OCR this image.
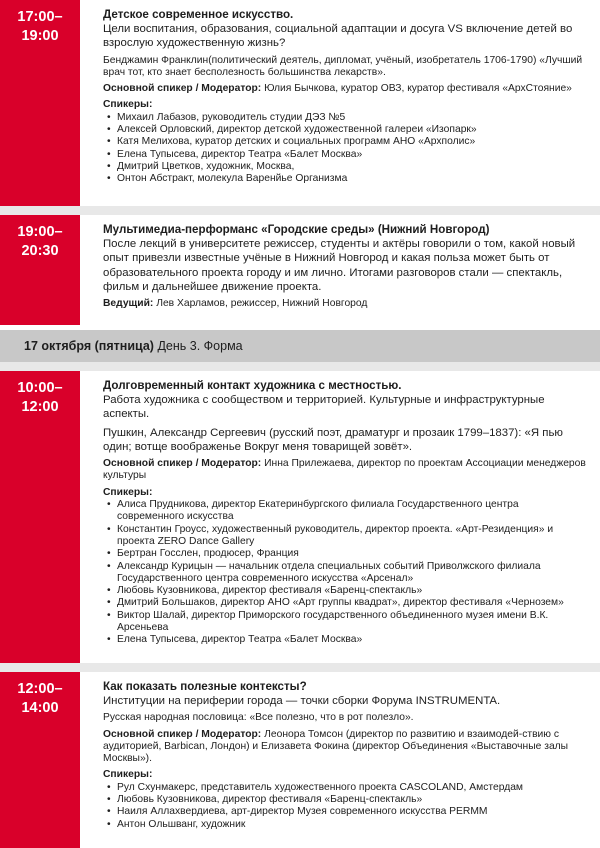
17:00–
19:00
Детское современное искусство.
Цели воспитания, образования, социальной адаптации и досуга VS включение детей во взрослую художественную жизнь?
Бенджамин Франклин(политический деятель, дипломат, учёный, изобретатель 1706-1790) «Лучший врач тот, кто знает бесполезность большинства лекарств».
Основной спикер / Модератор: Юлия Бычкова, куратор ОВЗ, куратор фестиваля «АрхСтояние»
Спикеры:
• Михаил Лабазов, руководитель студии ДЭЗ №5
• Алексей Орловский, директор детской художественной галереи «Изопарк»
• Катя Мелихова, куратор детских и социальных программ АНО «Архполис»
• Елена Тупысева, директор Театра «Балет Москва»
• Дмитрий Цветков, художник, Москва,
• Онтон Абстракт, молекула Варенйье Организма
19:00–
20:30
Мультимедиа-перформанс «Городские среды» (Нижний Новгород)
После лекций в университете режиссер, студенты и актёры говорили о том, какой новый опыт привезли известные учёные в Нижний Новгород и какая польза может быть от образовательного проекта городу и им лично. Итогами разговоров стали — спектакль, фильм и дальнейшее движение проекта.
Ведущий: Лев Харламов, режиссер, Нижний Новгород
17 октября (пятница) День 3. Форма
10:00–
12:00
Долговременный контакт художника с местностью.
Работа художника с сообществом и территорией. Культурные и инфраструктурные аспекты.
Пушкин, Александр Сергеевич (русский поэт, драматург и прозаик 1799–1837): «Я пью один; вотще воображенье Вокруг меня товарищей зовёт».
Основной спикер / Модератор: Инна Прилежаева, директор по проектам Ассоциации менеджеров культуры
Спикеры:
• Алиса Прудникова, директор Екатеринбургского филиала Государственного центра современного искусства
• Константин Гроусс, художественный руководитель, директор проекта. «Арт-Резиденция» и проекта ZERO Dance Gallery
• Бертран Госслен, продюсер, Франция
• Александр Курицын — начальник отдела специальных событий Приволжского филиала Государственного центра современного искусства «Арсенал»
• Любовь Кузовникова, директор фестиваля «Баренц-спектакль»
• Дмитрий Большаков, директор АНО «Арт группы квадрат», директор фестиваля «Чернозем»
• Виктор Шалай, директор Приморского государственного объединенного музея имени В.К. Арсеньева
• Елена Тупысева, директор Театра «Балет Москва»
12:00–
14:00
Как показать полезные контексты?
Институции на периферии города — точки сборки Форума INSTRUMENTA.
Русская народная пословица: «Все полезно, что в рот полезло».
Основной спикер / Модератор: Леонора Томсон (директор по развитию и взаимодей-ствию с аудиторией, Barbican, Лондон) и Елизавета Фокина (директор Объединения «Выставочные залы Москвы»).
Спикеры:
• Рул Схунмакерс, представитель художественного проекта CASCOLAND, Амстердам
• Любовь Кузовникова, директор фестиваля «Баренц-спектакль»
• Наиля Аллахвердиева, арт-директор Музея современного искусства PERMM
• Антон Ольшванг, художник
